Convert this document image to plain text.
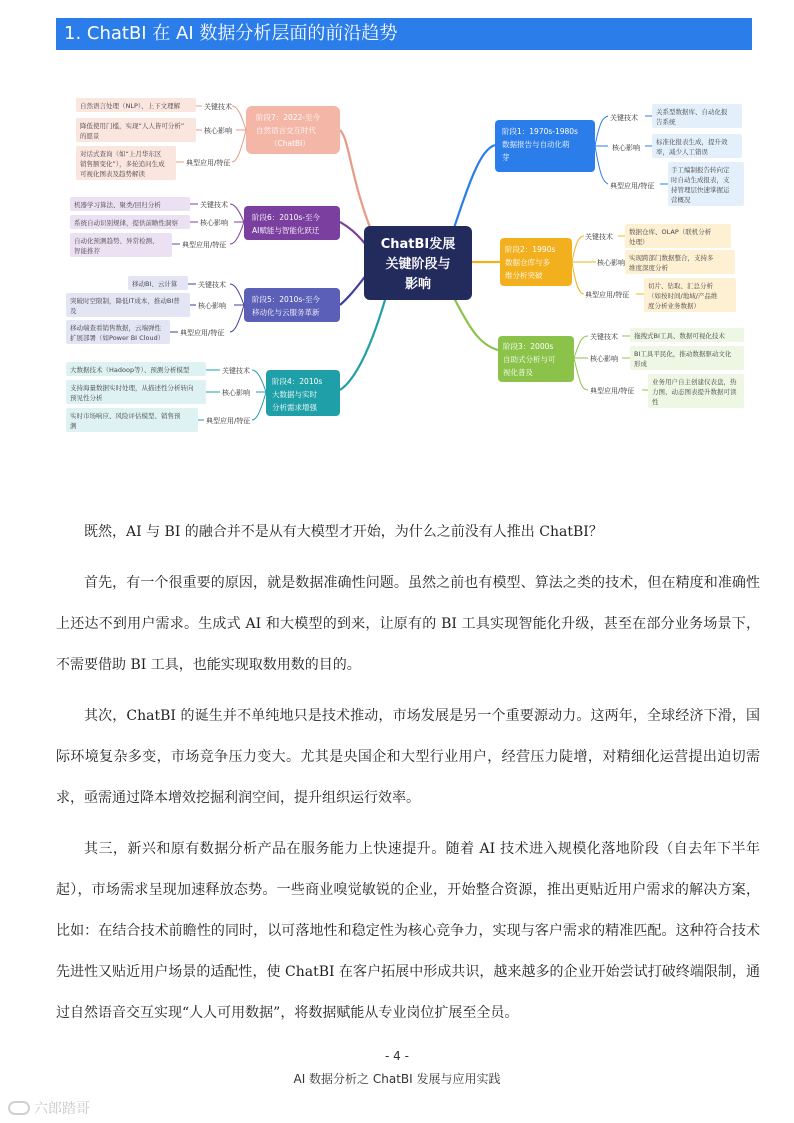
1. ChatBI 在 AI 数据分析层面的前沿趋势
ChatBI发展
关键阶段与
影响
阶段1：1970s-1980s
数据报告与自动化萌
芽
关键技术
核心影响
典型应用/特征
关系型数据库、自动化报
告系统
标准化报表生成，提升效
率，减少人工错误
手工编制报告转向定
时自动生成报表，支
持管理层快速掌握运
营概况
阶段2：1990s
数据仓库与多
维分析突破
关键技术
核心影响
典型应用/特征
数据仓库、OLAP（联机分析
处理）
实现跨部门数据整合，支持多
维度深度分析
切片、钻取、汇总分析
（如按时间/地域/产品维
度分析业务数据）
阶段3：2000s
自助式分析与可
视化普及
关键技术
核心影响
典型应用/特征
拖拽式BI工具、数据可视化技术
BI工具平民化，推动数据驱动文化
形成
业务用户自主创建仪表盘，热
力图、动态图表提升数据可读
性
阶段7：2022-至今
自然语言交互时代
（ChatBI）
关键技术
核心影响
典型应用/特征
自然语言处理（NLP）、上下文理解
降低使用门槛，实现“人人皆可分析”
的愿景
对话式查询（如“上月华东区
销售额变化”），多轮追问生成
可视化图表及趋势解读
阶段6：2010s-至今
AI赋能与智能化跃迁
关键技术
核心影响
典型应用/特征
机器学习算法、聚类/回归分析
系统自动识别规律，提供前瞻性洞察
自动化预测趋势、异常检测、
智能推荐
阶段5：2010s-至今
移动化与云服务革新
关键技术
核心影响
典型应用/特征
移动BI、云计算
突破时空限制，降低IT成本，推动BI普
及
移动端查看销售数据，云端弹性
扩展部署（如Power BI Cloud）
阶段4：2010s
大数据与实时
分析需求增强
关键技术
核心影响
典型应用/特征
大数据技术（Hadoop等）、预测分析模型
支持海量数据实时处理，从描述性分析转向
预见性分析
实时市场响应、风险评估模型、销售预
测

既然，AI 与 BI 的融合并不是从有大模型才开始，为什么之前没有人推出 ChatBI？

首先，有一个很重要的原因，就是数据准确性问题。虽然之前也有模型、算法之类的技术，但在精度和准确性上还达不到用户需求。生成式 AI 和大模型的到来，让原有的 BI 工具实现智能化升级，甚至在部分业务场景下，不需要借助 BI 工具，也能实现取数用数的目的。

其次，ChatBI 的诞生并不单纯地只是技术推动，市场发展是另一个重要源动力。这两年，全球经济下滑，国际环境复杂多变，市场竞争压力变大。尤其是央国企和大型行业用户，经营压力陡增，对精细化运营提出迫切需求，亟需通过降本增效挖掘利润空间，提升组织运行效率。

其三，新兴和原有数据分析产品在服务能力上快速提升。随着 AI 技术进入规模化落地阶段（自去年下半年起），市场需求呈现加速释放态势。一些商业嗅觉敏锐的企业，开始整合资源，推出更贴近用户需求的解决方案，比如：在结合技术前瞻性的同时，以可落地性和稳定性为核心竞争力，实现与客户需求的精准匹配。这种符合技术先进性又贴近用户场景的适配性，使 ChatBI 在客户拓展中形成共识，越来越多的企业开始尝试打破终端限制，通过自然语音交互实现“人人可用数据”，将数据赋能从专业岗位扩展至全员。

- 4 -
AI 数据分析之 ChatBI 发展与应用实践
六郎踏哥
